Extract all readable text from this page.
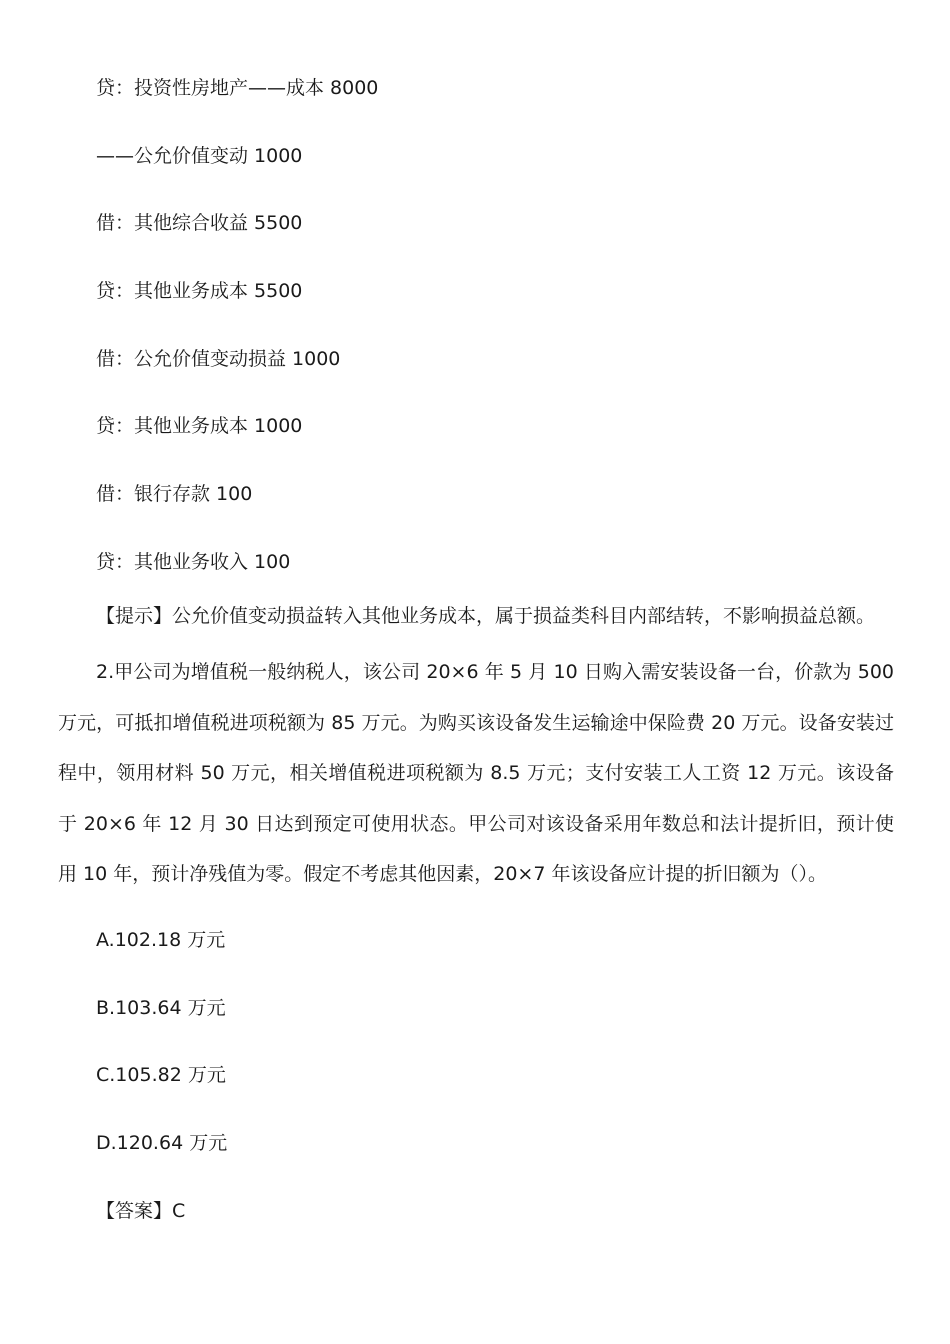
贷：投资性房地产——成本 8000
——公允价值变动 1000
借：其他综合收益 5500
贷：其他业务成本 5500
借：公允价值变动损益 1000
贷：其他业务成本 1000
借：银行存款 100
贷：其他业务收入 100
【提示】公允价值变动损益转入其他业务成本，属于损益类科目内部结转，不影响损益总额。
2.甲公司为增值税一般纳税人，该公司 20×6 年 5 月 10 日购入需安装设备一台，价款为 500 万元，可抵扣增值税进项税额为 85 万元。为购买该设备发生运输途中保险费 20 万元。设备安装过程中，领用材料 50 万元，相关增值税进项税额为 8.5 万元；支付安装工人工资 12 万元。该设备于 20×6 年 12 月 30 日达到预定可使用状态。甲公司对该设备采用年数总和法计提折旧，预计使用 10 年，预计净残值为零。假定不考虑其他因素，20×7 年该设备应计提的折旧额为（）。
A.102.18 万元
B.103.64 万元
C.105.82 万元
D.120.64 万元
【答案】C
